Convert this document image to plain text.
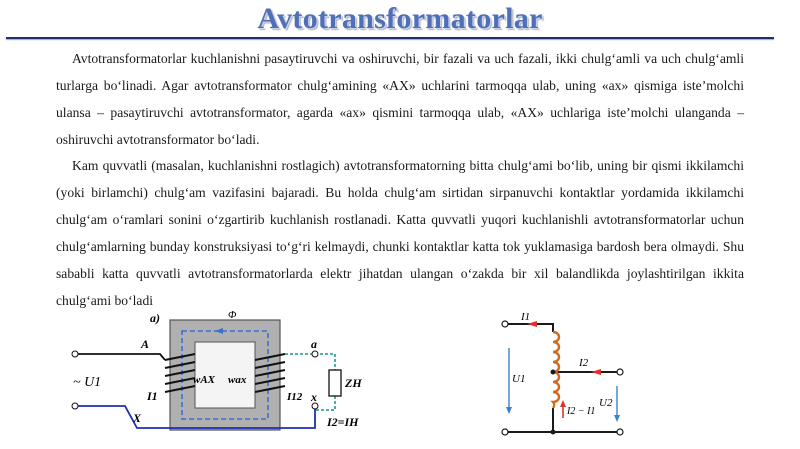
Avtotransformatorlar
Avtotransformatorlar kuchlanishni pasaytiruvchi va oshiruvchi, bir fazali va uch fazali, ikki chulg‘amli va uch chulg‘amli turlarga bo‘linadi. Agar avtotransformator chulg‘amining «AX» uchlarini tarmoqqa ulab, uning «ax» qismiga iste’molchi ulansa – pasaytiruvchi avtotransformator, agarda «ax» qismini tarmoqqa ulab, «AX» uchlariga iste’molchi ulanganda – oshiruvchi avtotransformator bo‘ladi.
Kam quvvatli (masalan, kuchlanishni rostlagich) avtotransformatorning bitta chulg‘ami bo‘lib, uning bir qismi ikkilamchi (yoki birlamchi) chulg‘am vazifasini bajaradi. Bu holda chulg‘am sirtidan sirpanuvchi kontaktlar yordamida ikkilamchi chulg‘am o‘ramlari sonini o‘zgartirib kuchlanish rostlanadi. Katta quvvatli yuqori kuchlanishli avtotransformatorlar uchun chulg‘amlarning bunday konstruksiyasi to‘g‘ri kelmaydi, chunki kontaktlar katta tok yuklamasiga bardosh bera olmaydi. Shu sababli katta quvvatli avtotransformatorlarda elektr jihatdan ulangan o‘zakda bir xil balandlikda joylashtirilgan ikkita chulg‘ami bo‘ladi
a)	Φ
A
X
a
x
~ U1
I1
wAX wax
I12
ZH
I2=IH
I1
I2
U1
U2
I2 − I1
